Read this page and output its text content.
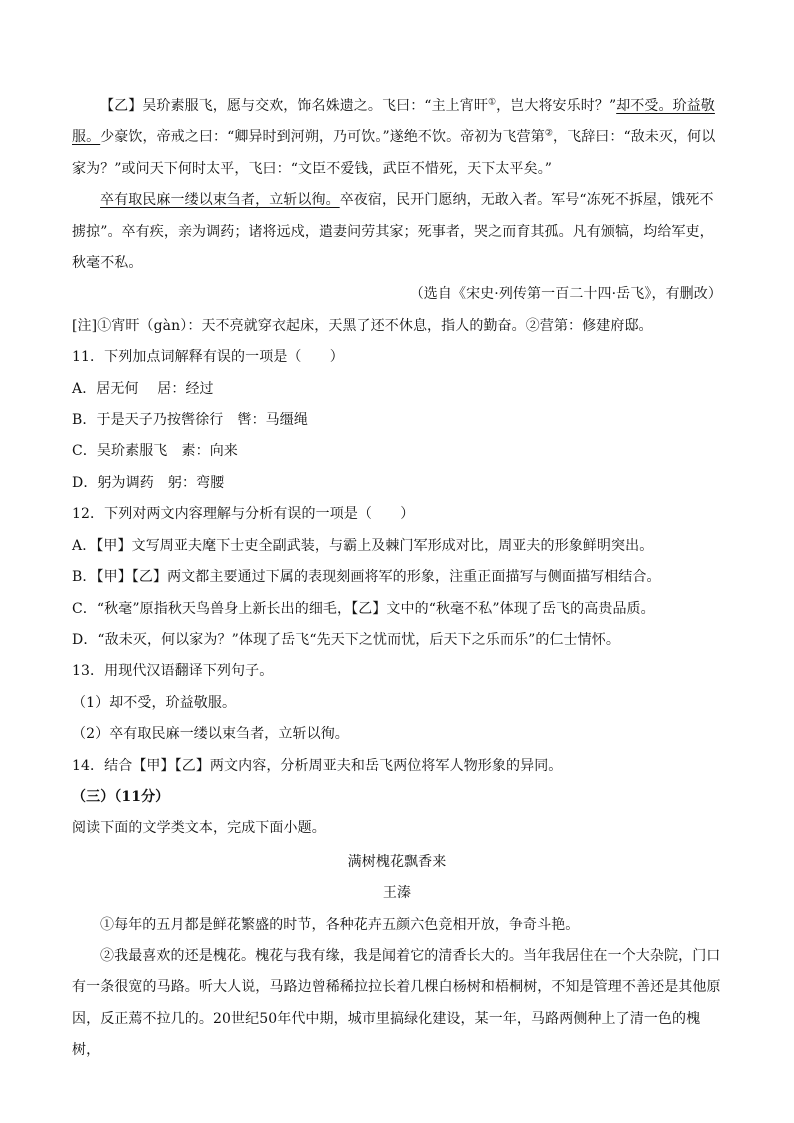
【乙】吴玠素服飞，愿与交欢，饰名姝遗之。飞曰：“主上宵旰①，岂大将安乐时？”却不受。玠益敬服。少豪饮，帝戒之曰：“卿异时到河朔，乃可饮。”遂绝不饮。帝初为飞营第②，飞辞曰：“敌未灭，何以家为？”或问天下何时太平，飞曰：“文臣不爱钱，武臣不惜死，天下太平矣。”

卒有取民麻一缕以束刍者，立斩以徇。卒夜宿，民开门愿纳，无敢入者。军号“冻死不拆屋，饿死不掳掠”。卒有疾，亲为调药；诸将远戍，遣妻问劳其家；死事者，哭之而育其孤。凡有颁犒，均给军吏，秋毫不私。

（选自《宋史·列传第一百二十四·岳飞》，有删改）

[注]①宵旰（gàn）：天不亮就穿衣起床，天黑了还不休息，指人的勤奋。②营第：修建府邸。

11．下列加点词解释有误的一项是（　　）

A．居无何　 居：经过

B．于是天子乃按辔徐行　辔：马缰绳

C．吴玠素服飞　素：向来

D．躬为调药　躬：弯腰

12．下列对两文内容理解与分析有误的一项是（　　）

A．【甲】文写周亚夫麾下士吏全副武装，与霸上及棘门军形成对比，周亚夫的形象鲜明突出。

B．【甲】【乙】两文都主要通过下属的表现刻画将军的形象，注重正面描写与侧面描写相结合。

C．“秋毫”原指秋天鸟兽身上新长出的细毛，【乙】文中的“秋毫不私”体现了岳飞的高贵品质。

D．“敌未灭，何以家为？”体现了岳飞“先天下之忧而忧，后天下之乐而乐”的仁士情怀。

13．用现代汉语翻译下列句子。

（1）却不受，玠益敬服。

（2）卒有取民麻一缕以束刍者，立斩以徇。

14．结合【甲】【乙】两文内容，分析周亚夫和岳飞两位将军人物形象的异同。

（三）（11分）

阅读下面的文学类文本，完成下面小题。

满树槐花飘香来

王溱

①每年的五月都是鲜花繁盛的时节，各种花卉五颜六色竞相开放，争奇斗艳。

②我最喜欢的还是槐花。槐花与我有缘，我是闻着它的清香长大的。当年我居住在一个大杂院，门口有一条很宽的马路。听大人说，马路边曾稀稀拉拉长着几棵白杨树和梧桐树，不知是管理不善还是其他原因，反正蔫不拉几的。20世纪50年代中期，城市里搞绿化建设，某一年，马路两侧种上了清一色的槐树，
